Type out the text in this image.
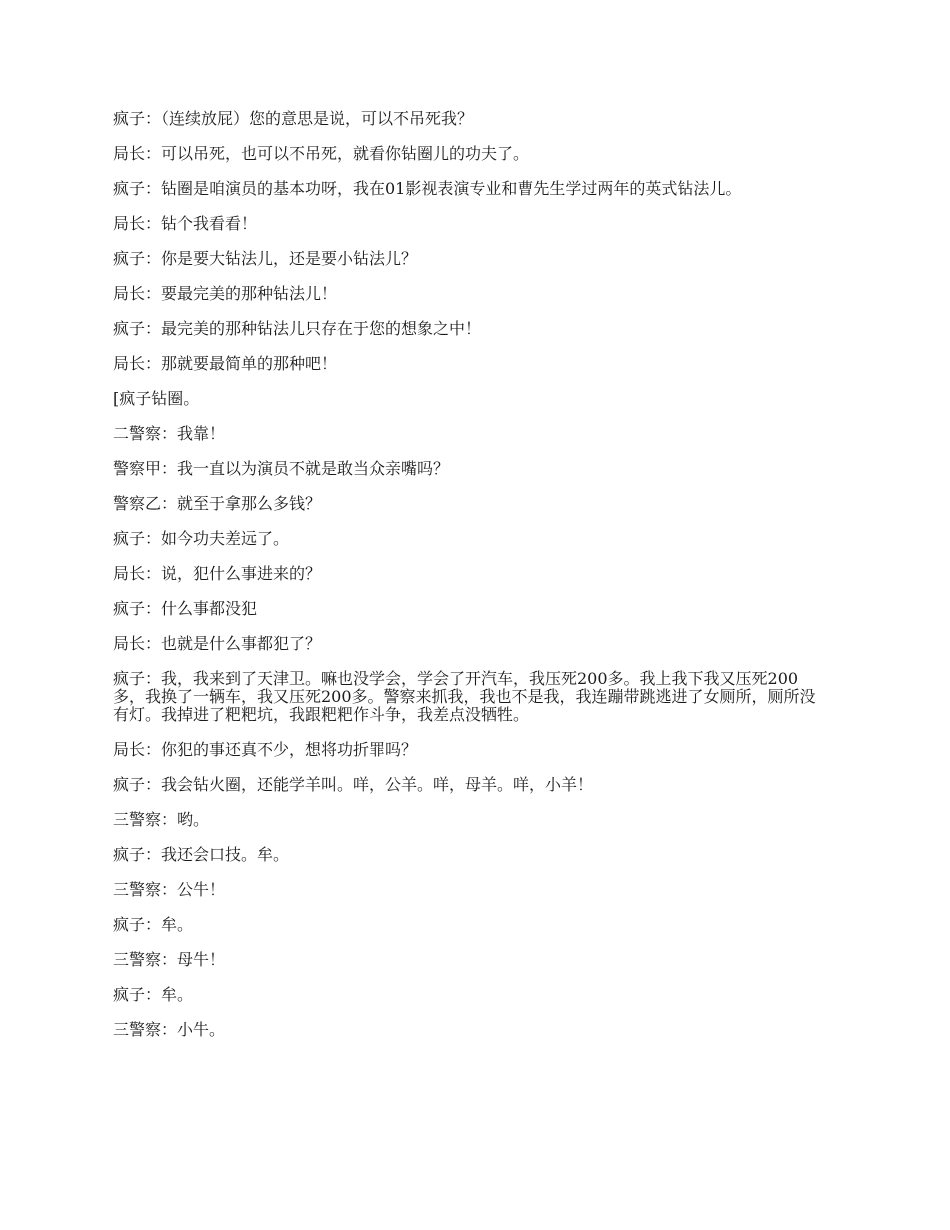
疯子：（连续放屁）您的意思是说，可以不吊死我？

局长：可以吊死，也可以不吊死，就看你钻圈儿的功夫了。

疯子：钻圈是咱演员的基本功呀，我在01影视表演专业和曹先生学过两年的英式钻法儿。

局长：钻个我看看！

疯子：你是要大钻法儿，还是要小钻法儿？

局长：要最完美的那种钻法儿！

疯子：最完美的那种钻法儿只存在于您的想象之中！

局长：那就要最简单的那种吧！

[疯子钻圈。

二警察：我靠！

警察甲：我一直以为演员不就是敢当众亲嘴吗？

警察乙：就至于拿那么多钱？

疯子：如今功夫差远了。

局长：说，犯什么事进来的？

疯子：什么事都没犯

局长：也就是什么事都犯了？

疯子：我，我来到了天津卫。嘛也没学会，学会了开汽车，我压死200多。我上我下我又压死200多，我换了一辆车，我又压死200多。警察来抓我，我也不是我，我连蹦带跳逃进了女厕所，厕所没有灯。我掉进了粑粑坑，我跟粑粑作斗争，我差点没牺牲。

局长：你犯的事还真不少，想将功折罪吗？

疯子：我会钻火圈，还能学羊叫。咩，公羊。咩，母羊。咩，小羊！

三警察：哟。

疯子：我还会口技。牟。

三警察：公牛！

疯子：牟。

三警察：母牛！

疯子：牟。

三警察：小牛。
